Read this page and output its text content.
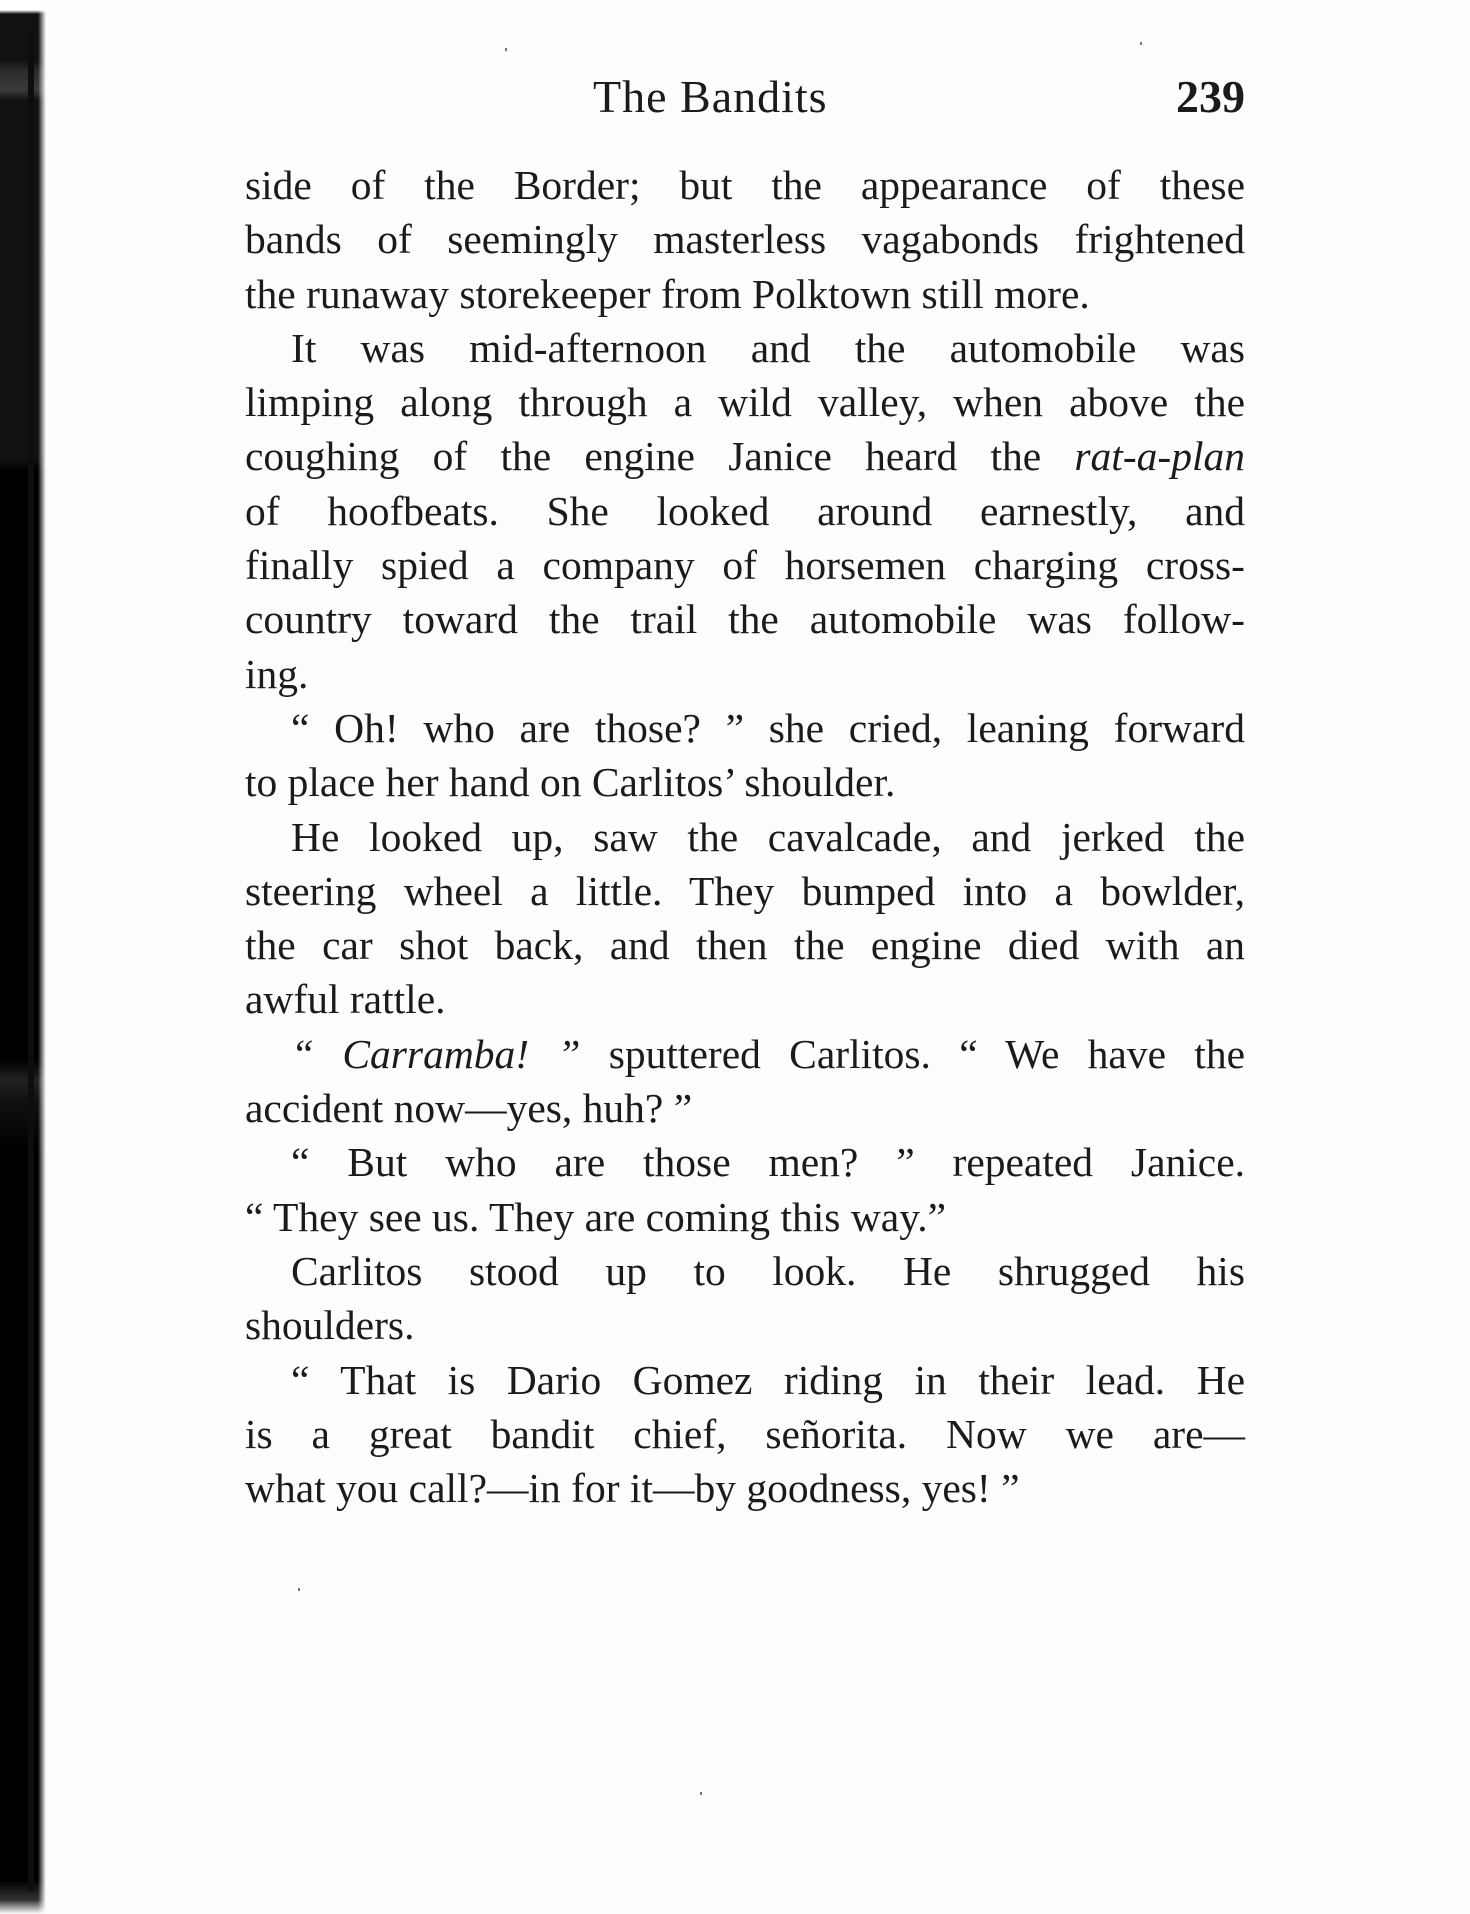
The Bandits	239
side of the Border; but the appearance of these
bands of seemingly masterless vagabonds frightened
the runaway storekeeper from Polktown still more.
It was mid-afternoon and the automobile was
limping along through a wild valley, when above the
coughing of the engine Janice heard the rat-a-plan
of hoofbeats. She looked around earnestly, and
finally spied a company of horsemen charging cross-
country toward the trail the automobile was follow-
ing.
“ Oh! who are those? ” she cried, leaning forward
to place her hand on Carlitos’ shoulder.
He looked up, saw the cavalcade, and jerked the
steering wheel a little. They bumped into a bowlder,
the car shot back, and then the engine died with an
awful rattle.
“ Carramba! ” sputtered Carlitos. “ We have the
accident now—yes, huh? ”
“ But who are those men? ” repeated Janice.
“ They see us. They are coming this way.”
Carlitos stood up to look. He shrugged his
shoulders.
“ That is Dario Gomez riding in their lead. He
is a great bandit chief, señorita. Now we are—
what you call?—in for it—by goodness, yes! ”
